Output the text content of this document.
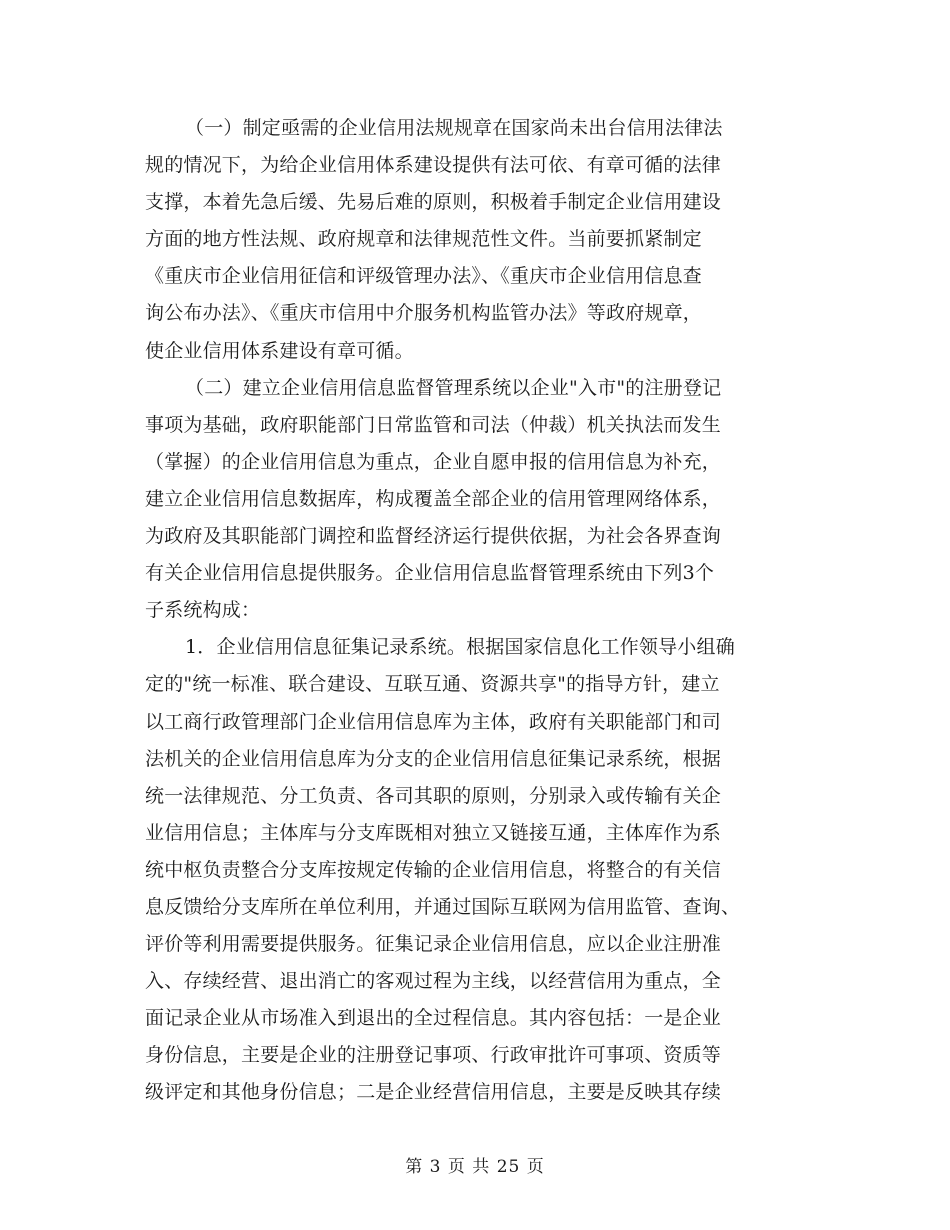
（一）制定亟需的企业信用法规规章在国家尚未出台信用法律法
规的情况下，为给企业信用体系建设提供有法可依、有章可循的法律
支撑，本着先急后缓、先易后难的原则，积极着手制定企业信用建设
方面的地方性法规、政府规章和法律规范性文件。当前要抓紧制定
《重庆市企业信用征信和评级管理办法》、《重庆市企业信用信息查
询公布办法》、《重庆市信用中介服务机构监管办法》等政府规章，
使企业信用体系建设有章可循。
（二）建立企业信用信息监督管理系统以企业"入市"的注册登记
事项为基础，政府职能部门日常监管和司法（仲裁）机关执法而发生
（掌握）的企业信用信息为重点，企业自愿申报的信用信息为补充，
建立企业信用信息数据库，构成覆盖全部企业的信用管理网络体系，
为政府及其职能部门调控和监督经济运行提供依据，为社会各界查询
有关企业信用信息提供服务。企业信用信息监督管理系统由下列3个
子系统构成：
1．企业信用信息征集记录系统。根据国家信息化工作领导小组确
定的"统一标准、联合建设、互联互通、资源共享"的指导方针，建立
以工商行政管理部门企业信用信息库为主体，政府有关职能部门和司
法机关的企业信用信息库为分支的企业信用信息征集记录系统，根据
统一法律规范、分工负责、各司其职的原则，分别录入或传输有关企
业信用信息；主体库与分支库既相对独立又链接互通，主体库作为系
统中枢负责整合分支库按规定传输的企业信用信息，将整合的有关信
息反馈给分支库所在单位利用，并通过国际互联网为信用监管、查询、
评价等利用需要提供服务。征集记录企业信用信息，应以企业注册准
入、存续经营、退出消亡的客观过程为主线，以经营信用为重点，全
面记录企业从市场准入到退出的全过程信息。其内容包括：一是企业
身份信息，主要是企业的注册登记事项、行政审批许可事项、资质等
级评定和其他身份信息；二是企业经营信用信息，主要是反映其存续
第 3 页 共 25 页
